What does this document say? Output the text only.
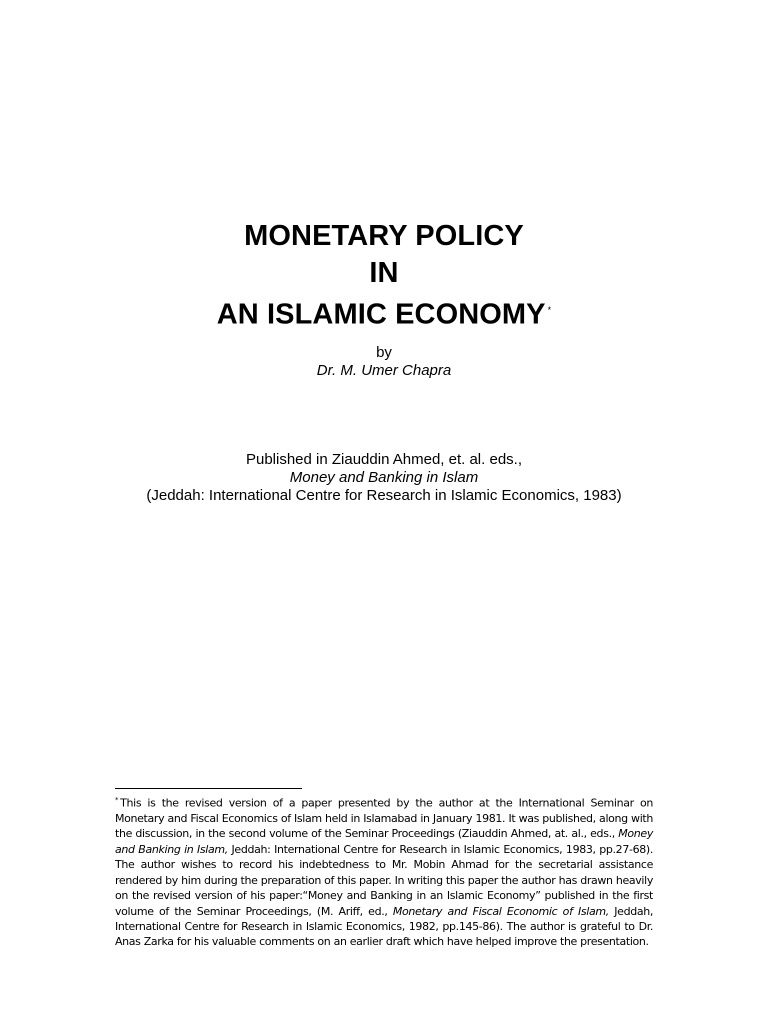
MONETARY POLICY
IN
AN ISLAMIC ECONOMY *
by
Dr. M. Umer Chapra
Published in Ziauddin Ahmed, et. al. eds.,
Money and Banking in Islam
(Jeddah: International Centre for Research in Islamic Economics, 1983)
* This is the revised version of a paper presented by the author at the International Seminar on Monetary and Fiscal Economics of Islam held in Islamabad in January 1981. It was published, along with the discussion, in the second volume of the Seminar Proceedings (Ziauddin Ahmed, at. al., eds., Money and Banking in Islam, Jeddah: International Centre for Research in Islamic Economics, 1983, pp.27-68). The author wishes to record his indebtedness to Mr. Mobin Ahmad for the secretarial assistance rendered by him during the preparation of this paper. In writing this paper the author has drawn heavily on the revised version of his paper:“Money and Banking in an Islamic Economy” published in the first volume of the Seminar Proceedings, (M. Ariff, ed., Monetary and Fiscal Economic of Islam, Jeddah, International Centre for Research in Islamic Economics, 1982, pp.145-86). The author is grateful to Dr. Anas Zarka for his valuable comments on an earlier draft which have helped improve the presentation.
